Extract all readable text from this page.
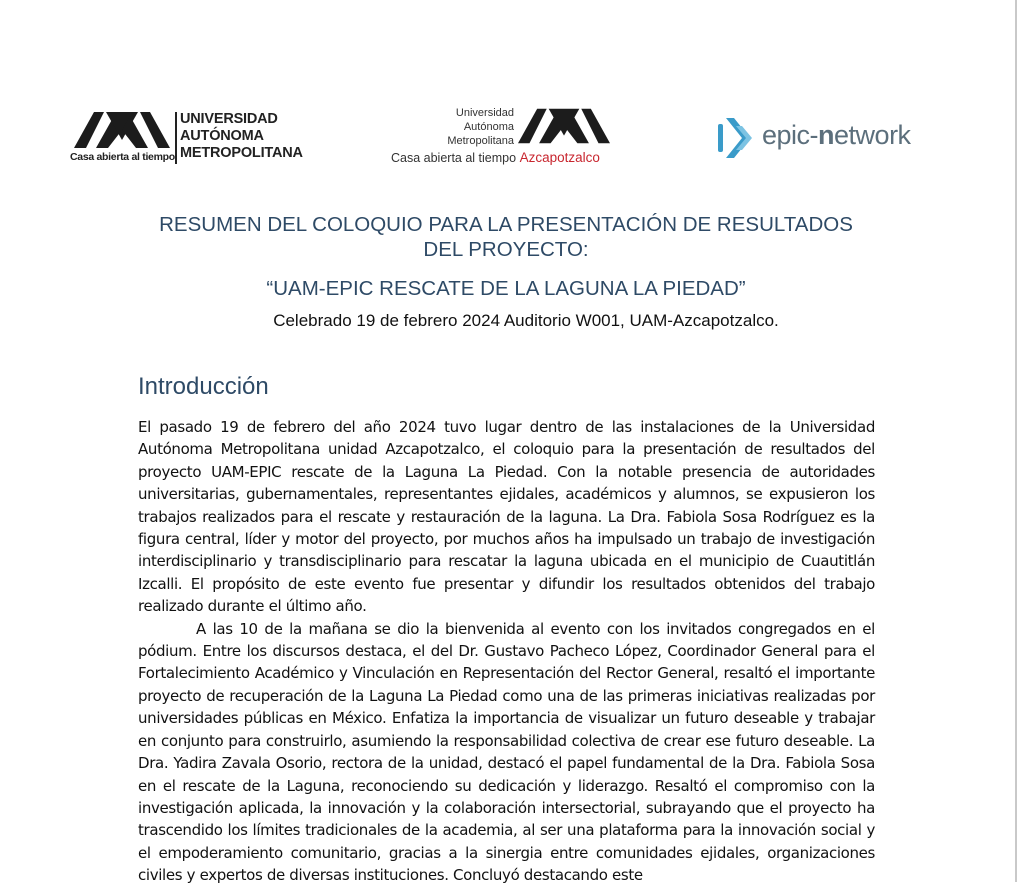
Casa abierta al tiempo
UNIVERSIDAD
AUTÓNOMA
METROPOLITANA
Universidad
Autónoma
Metropolitana
Casa abierta al tiempo Azcapotzalco
epic-network
RESUMEN DEL COLOQUIO PARA LA PRESENTACIÓN DE RESULTADOS DEL PROYECTO:
“UAM-EPIC RESCATE DE LA LAGUNA LA PIEDAD”
Celebrado 19 de febrero 2024 Auditorio W001, UAM-Azcapotzalco.
Introducción

El pasado 19 de febrero del año 2024 tuvo lugar dentro de las instalaciones de la Universidad Autónoma Metropolitana unidad Azcapotzalco, el coloquio para la presentación de resultados del proyecto UAM-EPIC rescate de la Laguna La Piedad. Con la notable presencia de autoridades universitarias, gubernamentales, representantes ejidales, académicos y alumnos, se expusieron los trabajos realizados para el rescate y restauración de la laguna. La Dra. Fabiola Sosa Rodríguez es la figura central, líder y motor del proyecto, por muchos años ha impulsado un trabajo de investigación interdisciplinario y transdisciplinario para rescatar la laguna ubicada en el municipio de Cuautitlán Izcalli. El propósito de este evento fue presentar y difundir los resultados obtenidos del trabajo realizado durante el último año.

A las 10 de la mañana se dio la bienvenida al evento con los invitados congregados en el pódium. Entre los discursos destaca, el del Dr. Gustavo Pacheco López, Coordinador General para el Fortalecimiento Académico y Vinculación en Representación del Rector General, resaltó el importante proyecto de recuperación de la Laguna La Piedad como una de las primeras iniciativas realizadas por universidades públicas en México. Enfatiza la importancia de visualizar un futuro deseable y trabajar en conjunto para construirlo, asumiendo la responsabilidad colectiva de crear ese futuro deseable. La Dra. Yadira Zavala Osorio, rectora de la unidad, destacó el papel fundamental de la Dra. Fabiola Sosa en el rescate de la Laguna, reconociendo su dedicación y liderazgo. Resaltó el compromiso con la investigación aplicada, la innovación y la colaboración intersectorial, subrayando que el proyecto ha trascendido los límites tradicionales de la academia, al ser una plataforma para la innovación social y el empoderamiento comunitario, gracias a la sinergia entre comunidades ejidales, organizaciones civiles y expertos de diversas instituciones. Concluyó destacando este
